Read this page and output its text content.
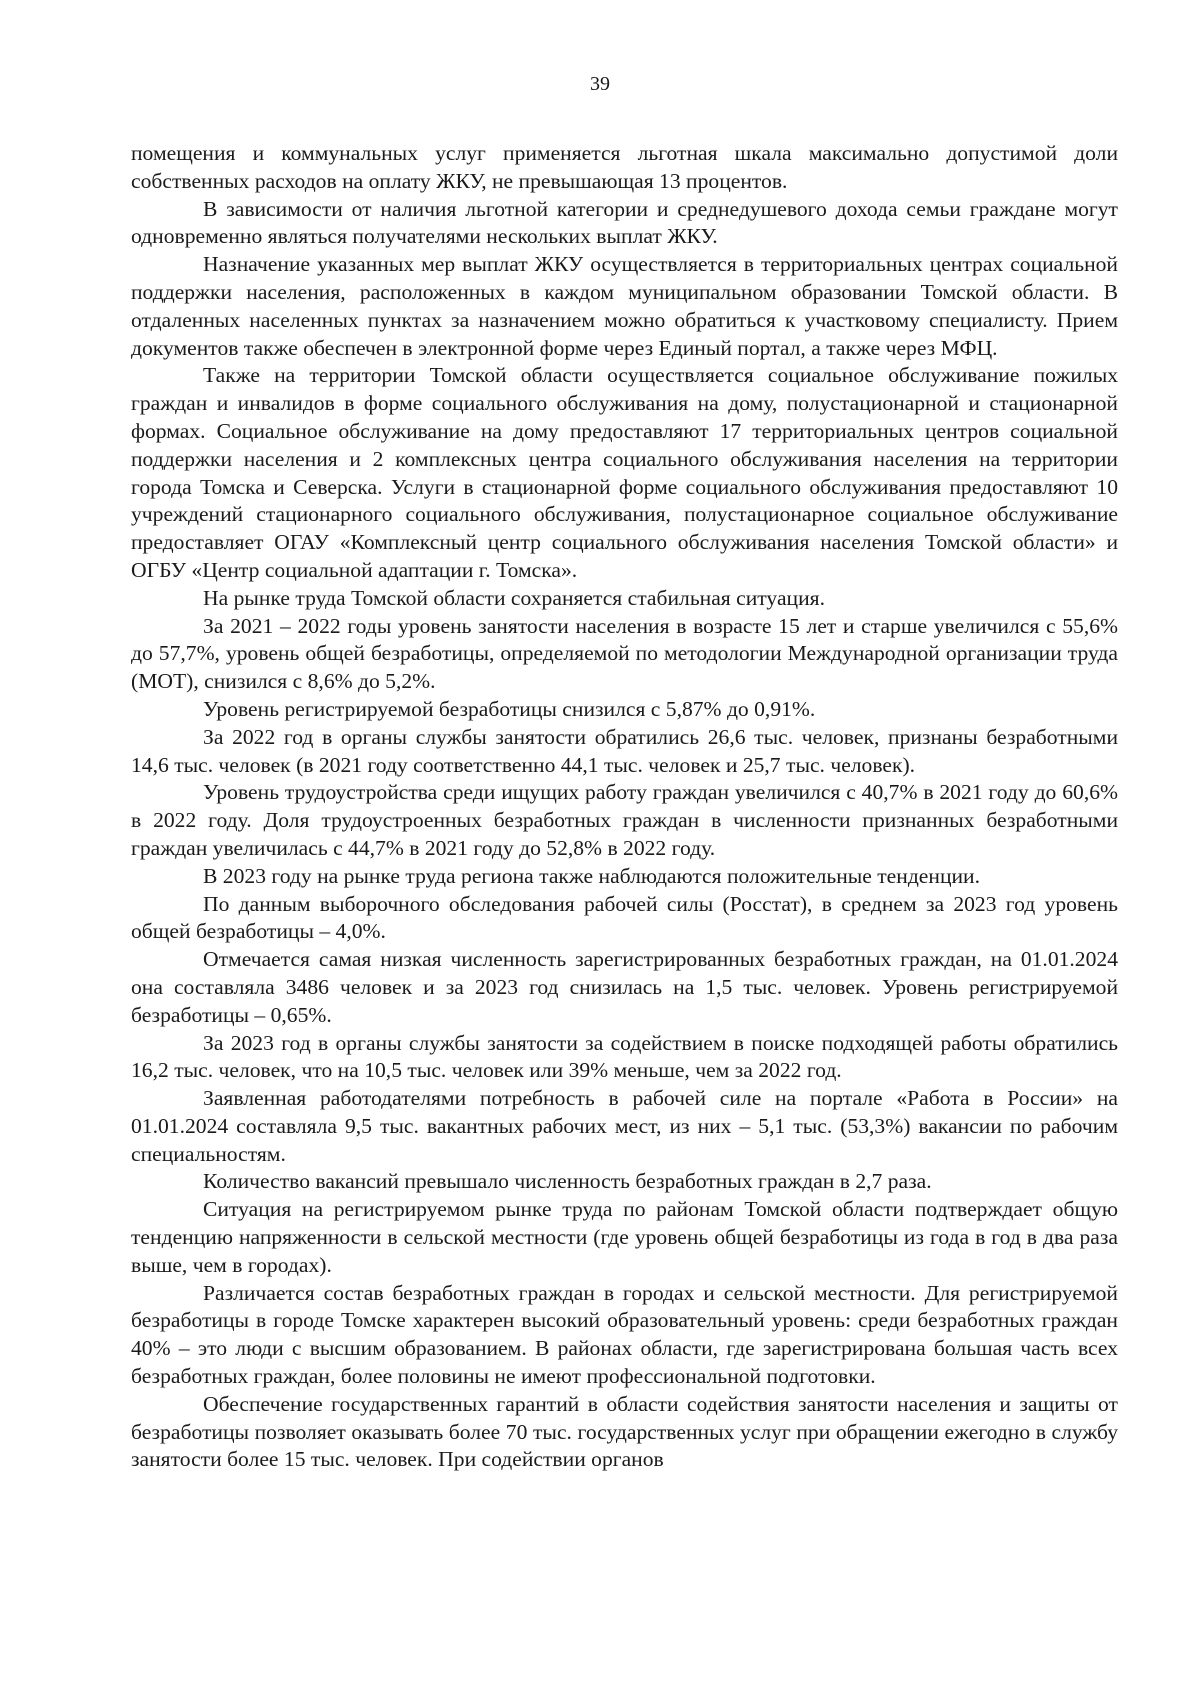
39

помещения и коммунальных услуг применяется льготная шкала максимально допустимой доли собственных расходов на оплату ЖКУ, не превышающая 13 процентов.

В зависимости от наличия льготной категории и среднедушевого дохода семьи граждане могут одновременно являться получателями нескольких выплат ЖКУ.

Назначение указанных мер выплат ЖКУ осуществляется в территориальных центрах социальной поддержки населения, расположенных в каждом муниципальном образовании Томской области. В отдаленных населенных пунктах за назначением можно обратиться к участковому специалисту. Прием документов также обеспечен в электронной форме через Единый портал, а также через МФЦ.

Также на территории Томской области осуществляется социальное обслуживание пожилых граждан и инвалидов в форме социального обслуживания на дому, полустационарной и стационарной формах. Социальное обслуживание на дому предоставляют 17 территориальных центров социальной поддержки населения и 2 комплексных центра социального обслуживания населения на территории города Томска и Северска. Услуги в стационарной форме социального обслуживания предоставляют 10 учреждений стационарного социального обслуживания, полустационарное социальное обслуживание предоставляет ОГАУ «Комплексный центр социального обслуживания населения Томской области» и ОГБУ «Центр социальной адаптации г. Томска».

На рынке труда Томской области сохраняется стабильная ситуация.

За 2021 – 2022 годы уровень занятости населения в возрасте 15 лет и старше увеличился с 55,6% до 57,7%, уровень общей безработицы, определяемой по методологии Международной организации труда (МОТ), снизился с 8,6% до 5,2%.

Уровень регистрируемой безработицы снизился с 5,87% до 0,91%.

За 2022 год в органы службы занятости обратились 26,6 тыс. человек, признаны безработными 14,6 тыс. человек (в 2021 году соответственно 44,1 тыс. человек и 25,7 тыс. человек).

Уровень трудоустройства среди ищущих работу граждан увеличился с 40,7% в 2021 году до 60,6% в 2022 году. Доля трудоустроенных безработных граждан в численности признанных безработными граждан увеличилась с 44,7% в 2021 году до 52,8% в 2022 году.

В 2023 году на рынке труда региона также наблюдаются положительные тенденции.

По данным выборочного обследования рабочей силы (Росстат), в среднем за 2023 год уровень общей безработицы – 4,0%.

Отмечается самая низкая численность зарегистрированных безработных граждан, на 01.01.2024 она составляла 3486 человек и за 2023 год снизилась на 1,5 тыс. человек. Уровень регистрируемой безработицы – 0,65%.

За 2023 год в органы службы занятости за содействием в поиске подходящей работы обратились 16,2 тыс. человек, что на 10,5 тыс. человек или 39% меньше, чем за 2022 год.

Заявленная работодателями потребность в рабочей силе на портале «Работа в России» на 01.01.2024 составляла 9,5 тыс. вакантных рабочих мест, из них – 5,1 тыс. (53,3%) вакансии по рабочим специальностям.

Количество вакансий превышало численность безработных граждан в 2,7 раза.

Ситуация на регистрируемом рынке труда по районам Томской области подтверждает общую тенденцию напряженности в сельской местности (где уровень общей безработицы из года в год в два раза выше, чем в городах).

Различается состав безработных граждан в городах и сельской местности. Для регистрируемой безработицы в городе Томске характерен высокий образовательный уровень: среди безработных граждан 40% – это люди с высшим образованием. В районах области, где зарегистрирована большая часть всех безработных граждан, более половины не имеют профессиональной подготовки.

Обеспечение государственных гарантий в области содействия занятости населения и защиты от безработицы позволяет оказывать более 70 тыс. государственных услуг при обращении ежегодно в службу занятости более 15 тыс. человек. При содействии органов
